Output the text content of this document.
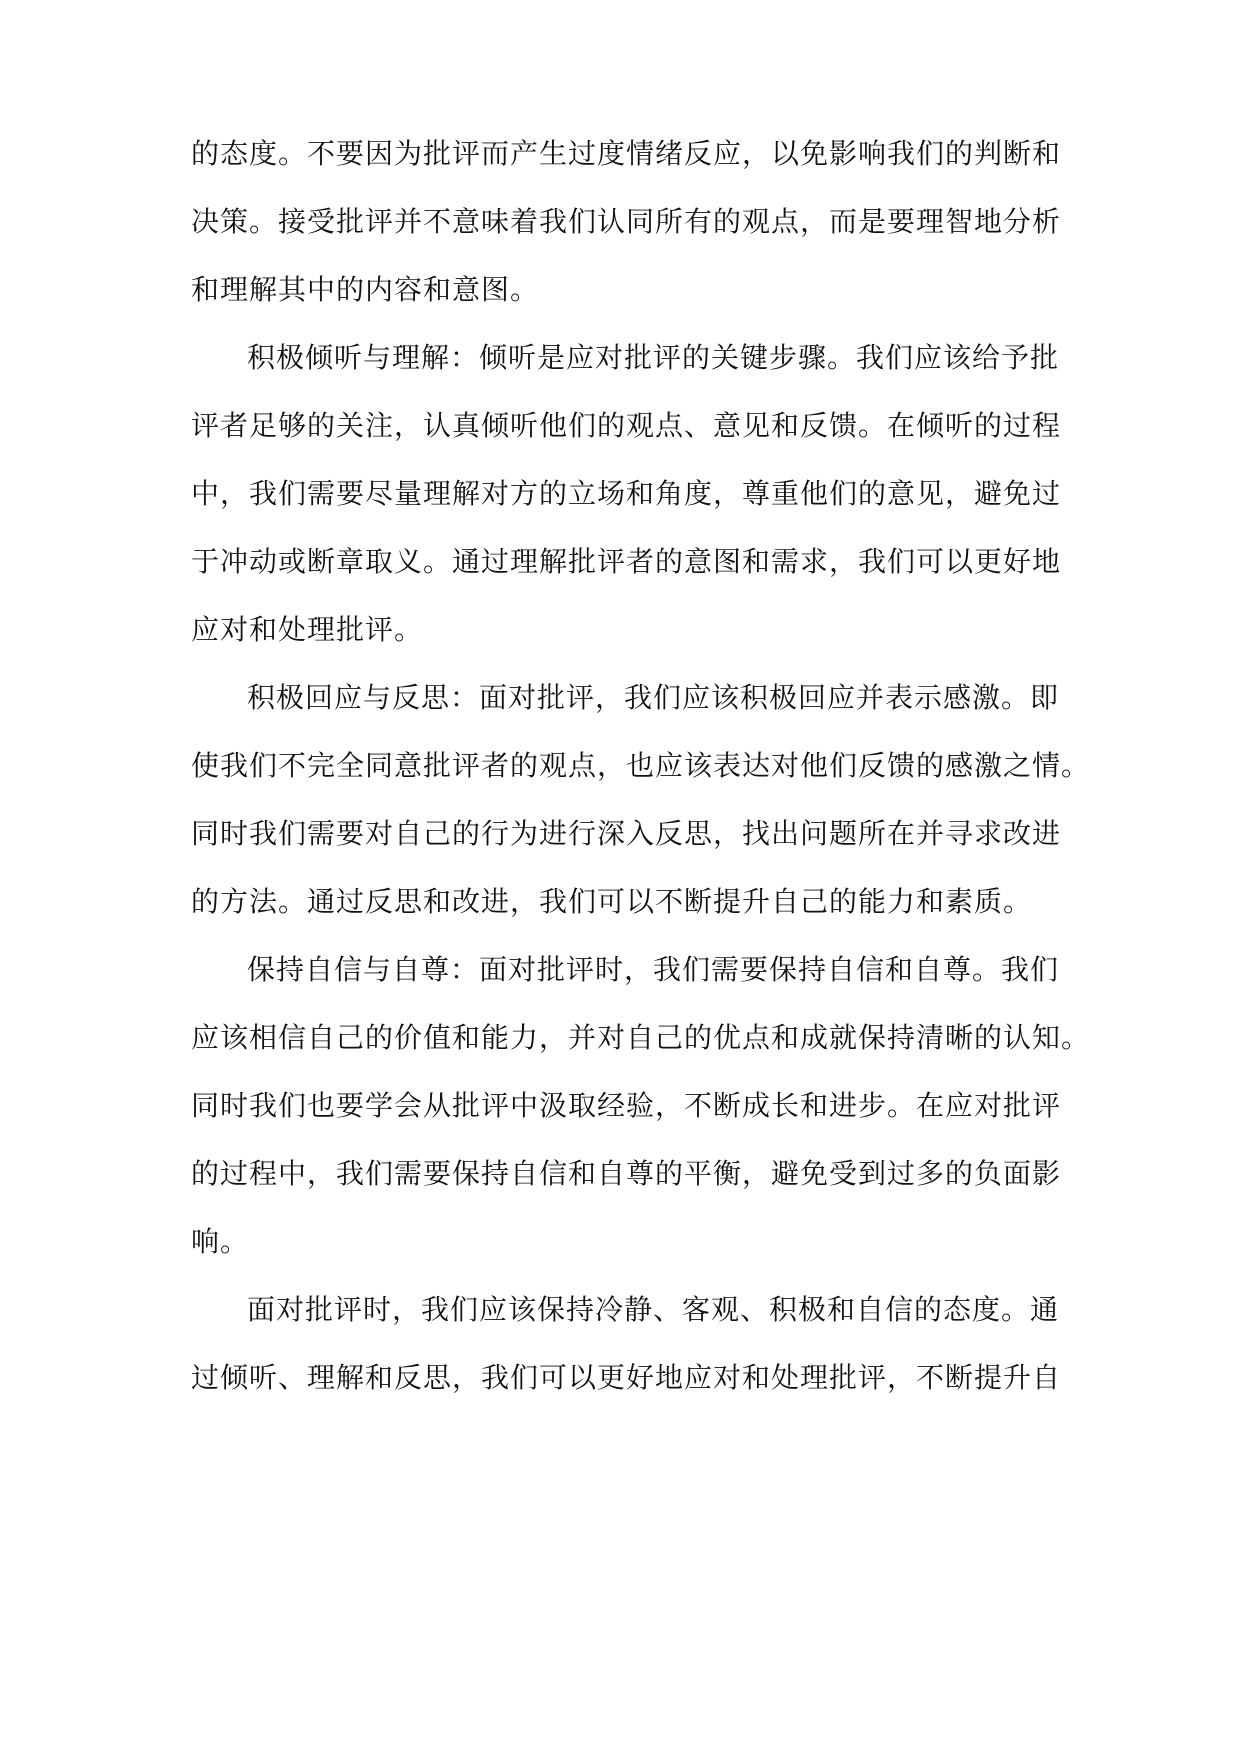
的态度。不要因为批评而产生过度情绪反应，以免影响我们的判断和
决策。接受批评并不意味着我们认同所有的观点，而是要理智地分析
和理解其中的内容和意图。
积极倾听与理解：倾听是应对批评的关键步骤。我们应该给予批
评者足够的关注，认真倾听他们的观点、意见和反馈。在倾听的过程
中，我们需要尽量理解对方的立场和角度，尊重他们的意见，避免过
于冲动或断章取义。通过理解批评者的意图和需求，我们可以更好地
应对和处理批评。
积极回应与反思：面对批评，我们应该积极回应并表示感激。即
使我们不完全同意批评者的观点，也应该表达对他们反馈的感激之情。
同时我们需要对自己的行为进行深入反思，找出问题所在并寻求改进
的方法。通过反思和改进，我们可以不断提升自己的能力和素质。
保持自信与自尊：面对批评时，我们需要保持自信和自尊。我们
应该相信自己的价值和能力，并对自己的优点和成就保持清晰的认知。
同时我们也要学会从批评中汲取经验，不断成长和进步。在应对批评
的过程中，我们需要保持自信和自尊的平衡，避免受到过多的负面影
响。
面对批评时，我们应该保持冷静、客观、积极和自信的态度。通
过倾听、理解和反思，我们可以更好地应对和处理批评，不断提升自
